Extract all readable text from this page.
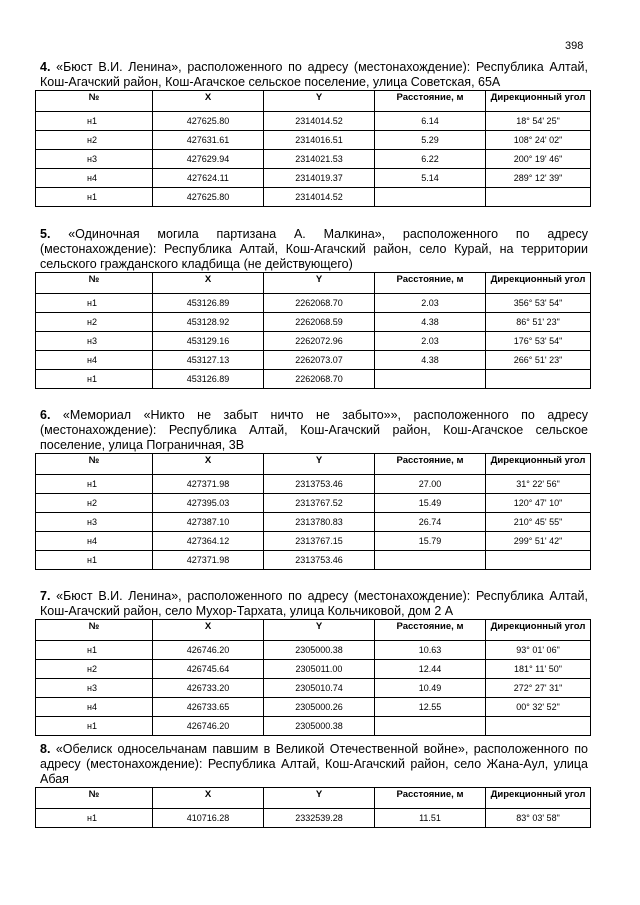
398
4. «Бюст В.И. Ленина», расположенного по адресу (местонахождение): Республика Алтай, Кош-Агачский район, Кош-Агачское сельское поселение, улица Советская, 65А
№	X	Y	Расстояние, м	Дирекционный угол
н1	427625.80	2314014.52	6.14	18° 54' 25"
н2	427631.61	2314016.51	5.29	108° 24' 02"
н3	427629.94	2314021.53	6.22	200° 19' 46"
н4	427624.11	2314019.37	5.14	289° 12' 39"
н1	427625.80	2314014.52		
5. «Одиночная могила партизана А. Малкина», расположенного по адресу (местонахождение): Республика Алтай, Кош-Агачский район, село Курай, на территории сельского гражданского кладбища (не действующего)
№	X	Y	Расстояние, м	Дирекционный угол
н1	453126.89	2262068.70	2.03	356° 53' 54"
н2	453128.92	2262068.59	4.38	86° 51' 23"
н3	453129.16	2262072.96	2.03	176° 53' 54"
н4	453127.13	2262073.07	4.38	266° 51' 23"
н1	453126.89	2262068.70		
6. «Мемориал «Никто не забыт ничто не забыто»», расположенного по адресу (местонахождение): Республика Алтай, Кош-Агачский район, Кош-Агачское сельское поселение, улица Пограничная, 3В
№	X	Y	Расстояние, м	Дирекционный угол
н1	427371.98	2313753.46	27.00	31° 22' 56"
н2	427395.03	2313767.52	15.49	120° 47' 10"
н3	427387.10	2313780.83	26.74	210° 45' 55"
н4	427364.12	2313767.15	15.79	299° 51' 42"
н1	427371.98	2313753.46		
7. «Бюст В.И. Ленина», расположенного по адресу (местонахождение): Республика Алтай, Кош-Агачский район, село Мухор-Тархата, улица Кольчиковой, дом 2 А
№	X	Y	Расстояние, м	Дирекционный угол
н1	426746.20	2305000.38	10.63	93° 01' 06"
н2	426745.64	2305011.00	12.44	181° 11' 50"
н3	426733.20	2305010.74	10.49	272° 27' 31"
н4	426733.65	2305000.26	12.55	00° 32' 52"
н1	426746.20	2305000.38		
8. «Обелиск односельчанам павшим в Великой Отечественной войне», расположенного по адресу (местонахождение): Республика Алтай, Кош-Агачский район, село Жана-Аул, улица Абая
№	X	Y	Расстояние, м	Дирекционный угол
н1	410716.28	2332539.28	11.51	83° 03' 58"
